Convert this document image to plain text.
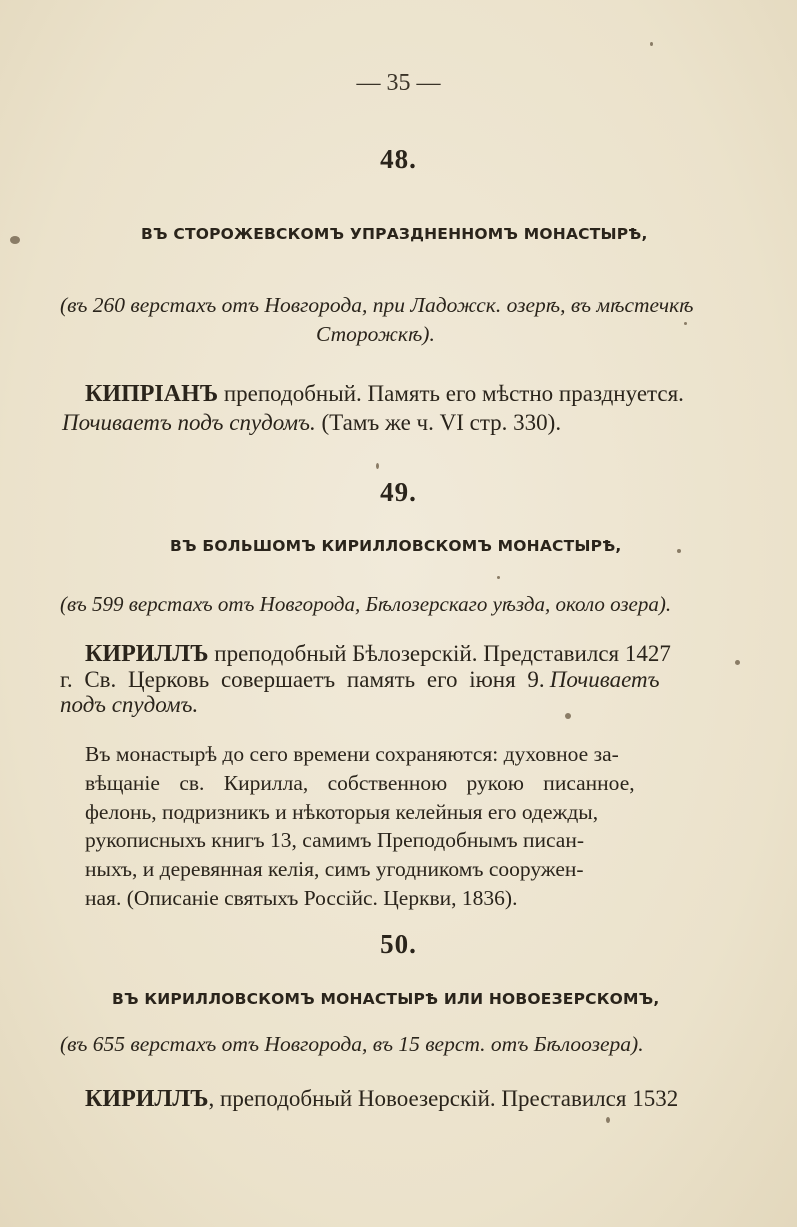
— 35 —
48.
ВЪ СТОРОЖЕВСКОМЪ УПРАЗДНЕННОМЪ МОНАСТЫРѢ,
(въ 260 верстахъ отъ Новгорода, при Ладожск. озерѣ, въ мѣстечкѣ
Сторожкѣ).
КИПРІАНЪ преподобный. Память его мѣстно празднуется.
Почиваетъ подъ спудомъ. (Тамъ же ч. VI стр. 330).
49.
ВЪ БОЛЬШОМЪ КИРИЛЛОВСКОМЪ МОНАСТЫРѢ,
(въ 599 верстахъ отъ Новгорода, Бѣлозерскаго уѣзда, около озера).
КИРИЛЛЪ преподобный Бѣлозерскій. Представился 1427
г. Св. Церковь совершаетъ память его іюня 9. Почиваетъ
подъ спудомъ.
Въ монастырѣ до сего времени сохраняются: духовное за-
вѣщаніе св. Кирилла, собственною рукою писанное,
фелонь, подризникъ и нѣкоторыя келейныя его одежды,
рукописныхъ книгъ 13, самимъ Преподобнымъ писан-
ныхъ, и деревянная келія, симъ угодникомъ сооружен-
ная. (Описаніе святыхъ Россійс. Церкви, 1836).
50.
ВЪ КИРИЛЛОВСКОМЪ МОНАСТЫРѢ ИЛИ НОВОЕЗЕРСКОМЪ,
(въ 655 верстахъ отъ Новгорода, въ 15 верст. отъ Бѣлоозера).
КИРИЛЛЪ, преподобный Новоезерскій. Преставился 1532
